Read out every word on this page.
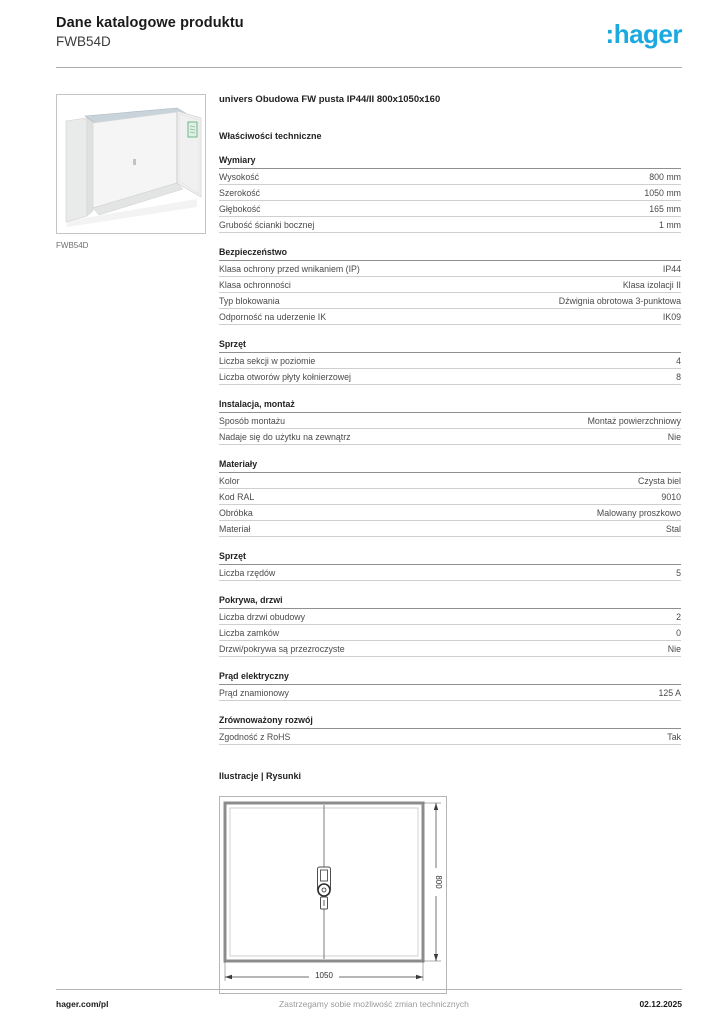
Dane katalogowe produktu
FWB54D	:hager
FWB54D
univers Obudowa FW pusta IP44/II 800x1050x160
Właściwości techniczne
Wymiary
Wysokość	800 mm
Szerokość	1050 mm
Głębokość	165 mm
Grubość ścianki bocznej	1 mm
Bezpieczeństwo
Klasa ochrony przed wnikaniem (IP)	IP44
Klasa ochronności	Klasa izolacji II
Typ blokowania	Dźwignia obrotowa 3-punktowa
Odporność na uderzenie IK	IK09
Sprzęt
Liczba sekcji w poziomie	4
Liczba otworów płyty kołnierzowej	8
Instalacja, montaż
Sposób montażu	Montaż powierzchniowy
Nadaje się do użytku na zewnątrz	Nie
Materiały
Kolor	Czysta biel
Kod RAL	9010
Obróbka	Malowany proszkowo
Materiał	Stal
Sprzęt
Liczba rzędów	5
Pokrywa, drzwi
Liczba drzwi obudowy	2
Liczba zamków	0
Drzwi/pokrywa są przezroczyste	Nie
Prąd elektryczny
Prąd znamionowy	125 A
Zrównoważony rozwój
Zgodność z RoHS	Tak
Ilustracje | Rysunki
1050
800
hager.com/pl	Zastrzegamy sobie możliwość zmian technicznych	02.12.2025
